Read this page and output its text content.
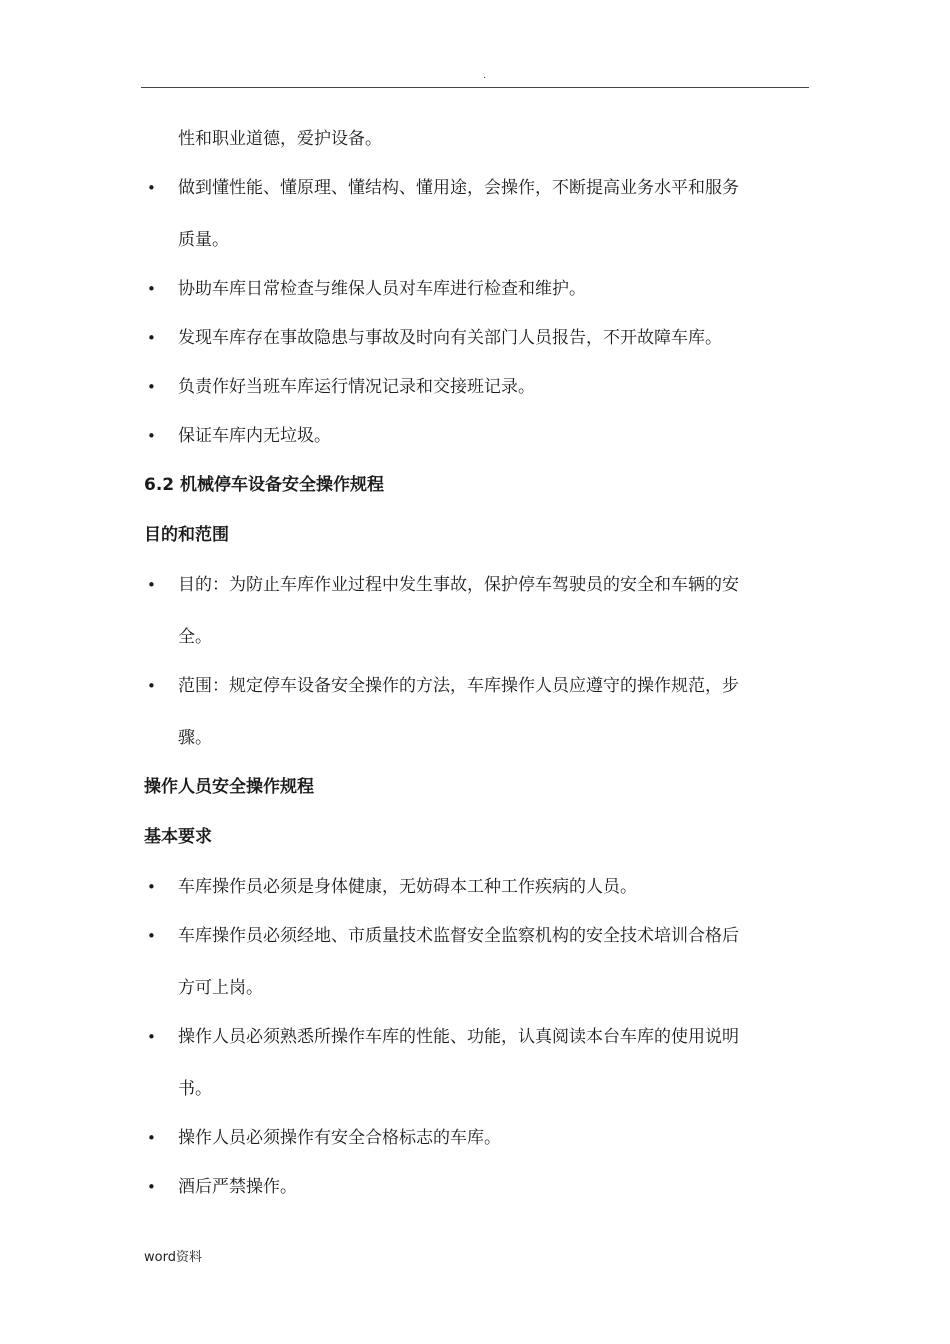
.
性和职业道德，爱护设备。
• 做到懂性能、懂原理、懂结构、懂用途，会操作，不断提高业务水平和服务
质量。
• 协助车库日常检查与维保人员对车库进行检查和维护。
• 发现车库存在事故隐患与事故及时向有关部门人员报告，不开故障车库。
• 负责作好当班车库运行情况记录和交接班记录。
• 保证车库内无垃圾。
6.2 机械停车设备安全操作规程
目的和范围
• 目的：为防止车库作业过程中发生事故，保护停车驾驶员的安全和车辆的安
全。
• 范围：规定停车设备安全操作的方法，车库操作人员应遵守的操作规范，步
骤。
操作人员安全操作规程
基本要求
• 车库操作员必须是身体健康，无妨碍本工种工作疾病的人员。
• 车库操作员必须经地、市质量技术监督安全监察机构的安全技术培训合格后
方可上岗。
• 操作人员必须熟悉所操作车库的性能、功能，认真阅读本台车库的使用说明
书。
• 操作人员必须操作有安全合格标志的车库。
• 酒后严禁操作。
word资料
